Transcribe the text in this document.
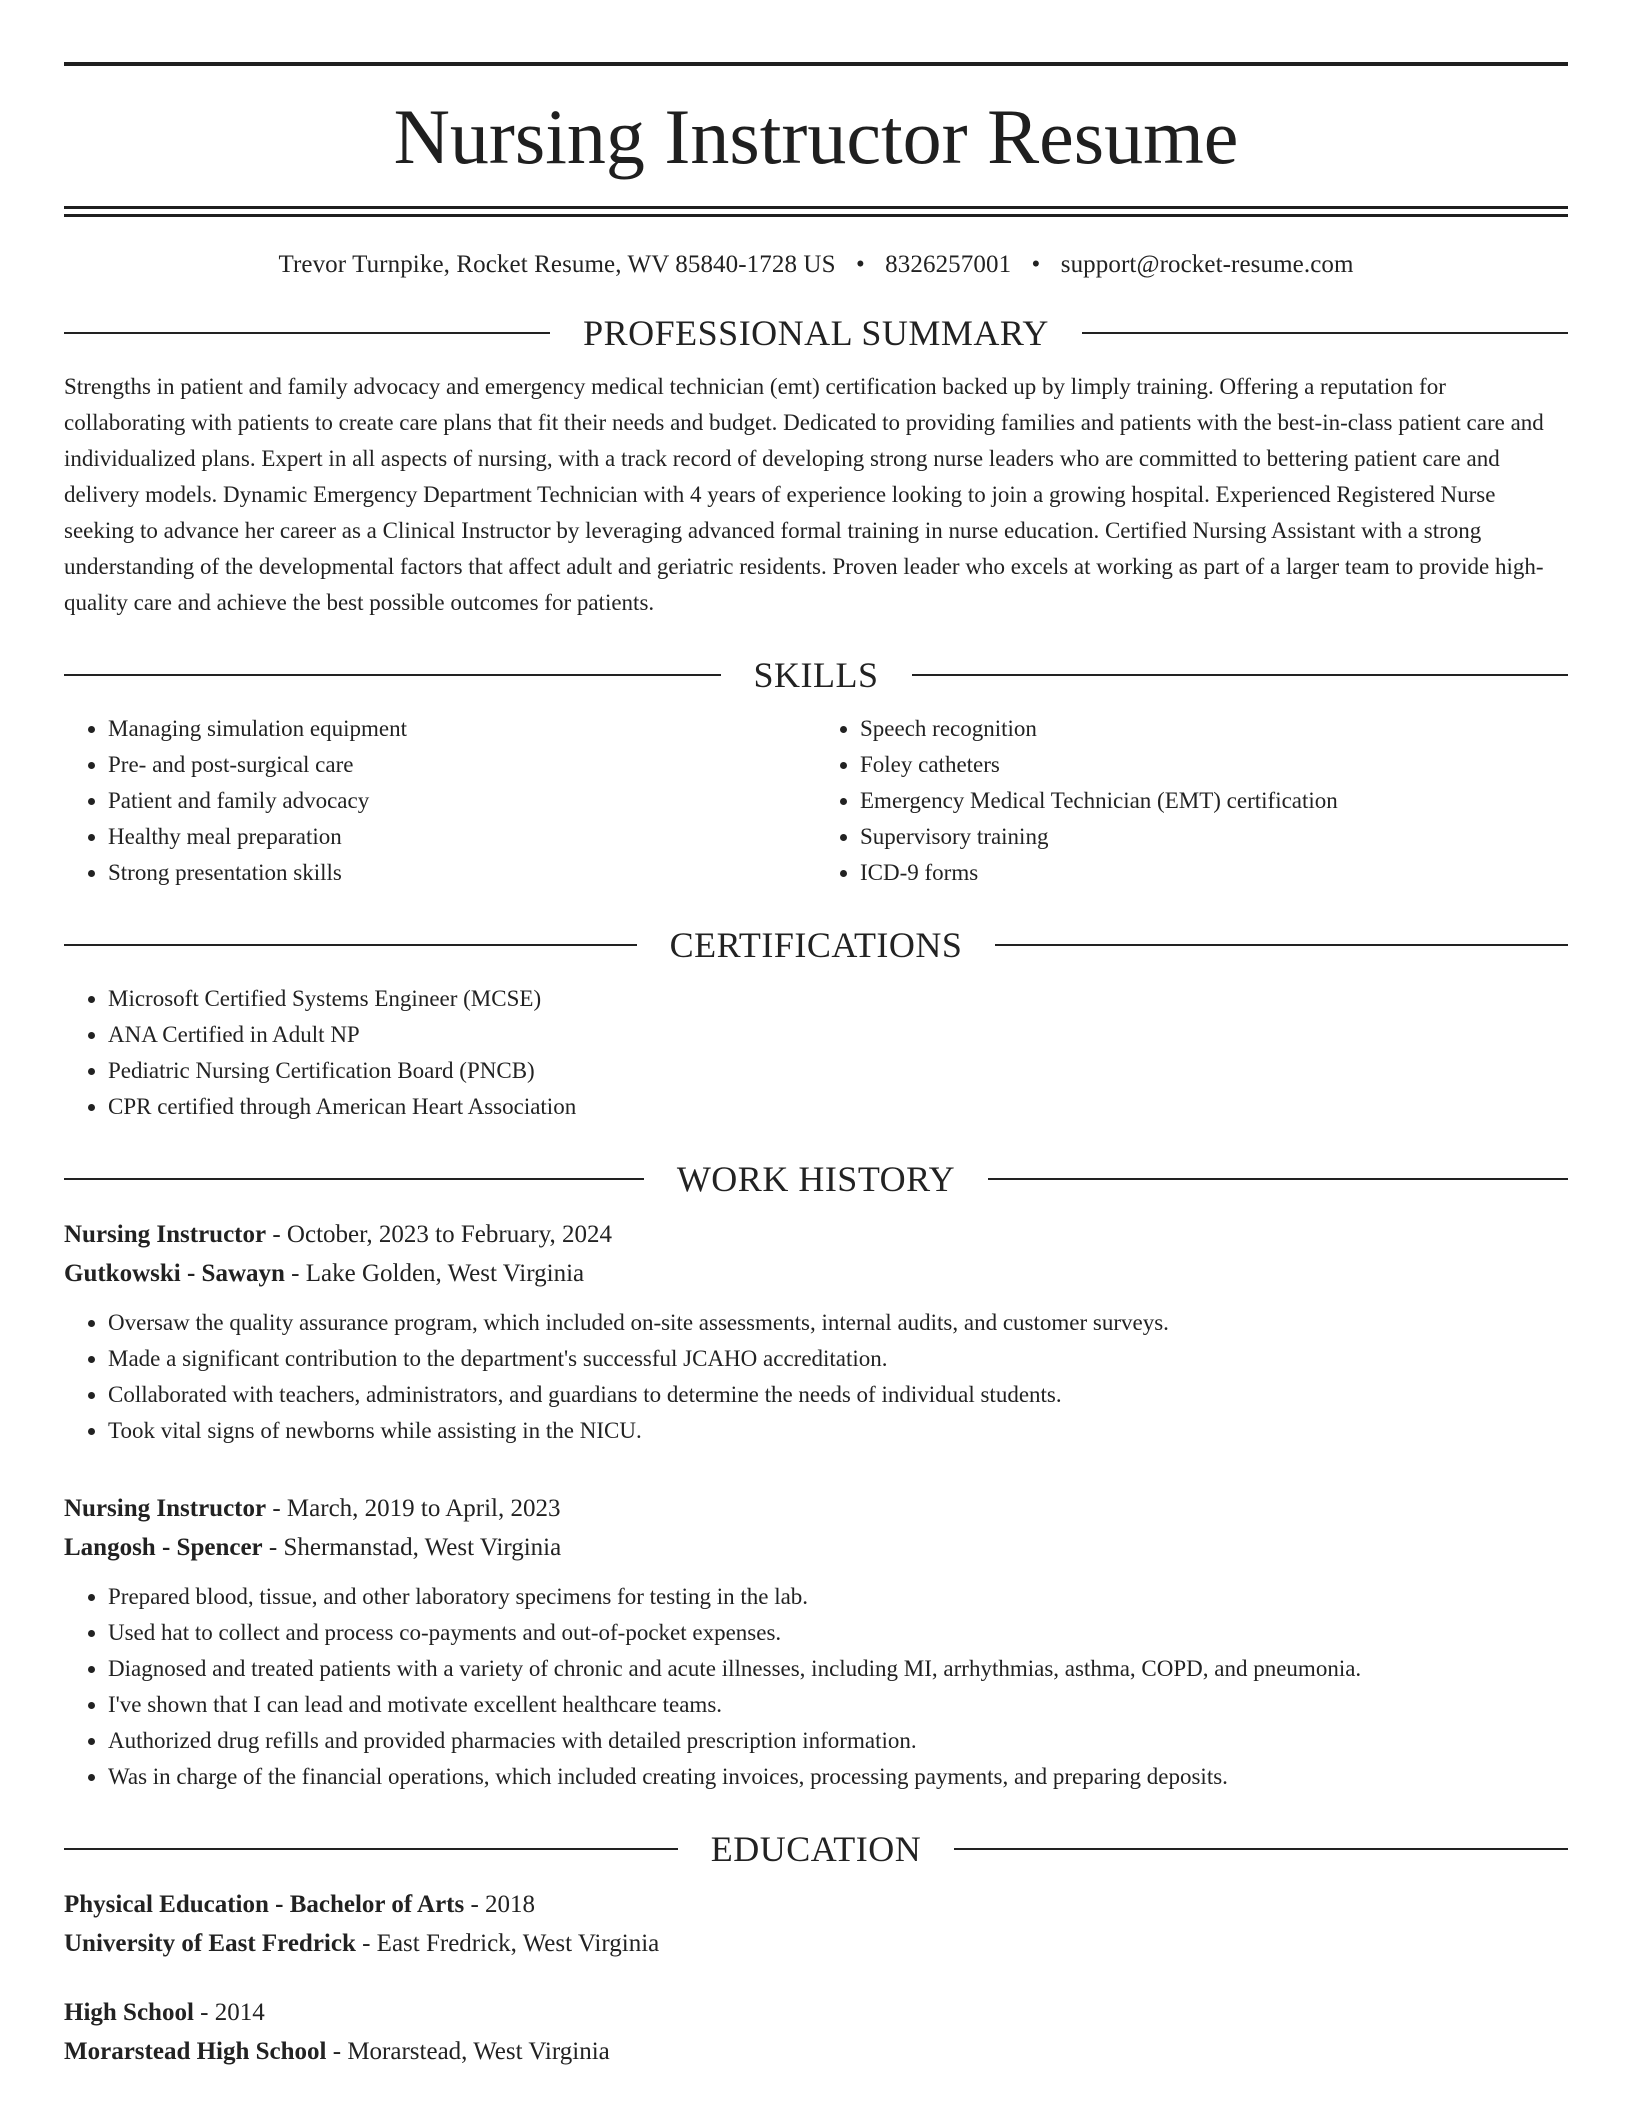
Nursing Instructor Resume
Trevor Turnpike, Rocket Resume, WV 85840-1728 US • 8326257001 • support@rocket-resume.com
PROFESSIONAL SUMMARY

Strengths in patient and family advocacy and emergency medical technician (emt) certification backed up by limply training. Offering a reputation for collaborating with patients to create care plans that fit their needs and budget. Dedicated to providing families and patients with the best-in-class patient care and individualized plans. Expert in all aspects of nursing, with a track record of developing strong nurse leaders who are committed to bettering patient care and delivery models. Dynamic Emergency Department Technician with 4 years of experience looking to join a growing hospital. Experienced Registered Nurse seeking to advance her career as a Clinical Instructor by leveraging advanced formal training in nurse education. Certified Nursing Assistant with a strong understanding of the developmental factors that affect adult and geriatric residents. Proven leader who excels at working as part of a larger team to provide high-quality care and achieve the best possible outcomes for patients.

SKILLS
• Managing simulation equipment
• Pre- and post-surgical care
• Patient and family advocacy
• Healthy meal preparation
• Strong presentation skills
• Speech recognition
• Foley catheters
• Emergency Medical Technician (EMT) certification
• Supervisory training
• ICD-9 forms
CERTIFICATIONS
• Microsoft Certified Systems Engineer (MCSE)
• ANA Certified in Adult NP
• Pediatric Nursing Certification Board (PNCB)
• CPR certified through American Heart Association
WORK HISTORY
Nursing Instructor - October, 2023 to February, 2024
Gutkowski - Sawayn - Lake Golden, West Virginia
• Oversaw the quality assurance program, which included on-site assessments, internal audits, and customer surveys.
• Made a significant contribution to the department's successful JCAHO accreditation.
• Collaborated with teachers, administrators, and guardians to determine the needs of individual students.
• Took vital signs of newborns while assisting in the NICU.
Nursing Instructor - March, 2019 to April, 2023
Langosh - Spencer - Shermanstad, West Virginia
• Prepared blood, tissue, and other laboratory specimens for testing in the lab.
• Used hat to collect and process co-payments and out-of-pocket expenses.
• Diagnosed and treated patients with a variety of chronic and acute illnesses, including MI, arrhythmias, asthma, COPD, and pneumonia.
• I've shown that I can lead and motivate excellent healthcare teams.
• Authorized drug refills and provided pharmacies with detailed prescription information.
• Was in charge of the financial operations, which included creating invoices, processing payments, and preparing deposits.
EDUCATION
Physical Education - Bachelor of Arts - 2018
University of East Fredrick - East Fredrick, West Virginia
High School - 2014
Morarstead High School - Morarstead, West Virginia
